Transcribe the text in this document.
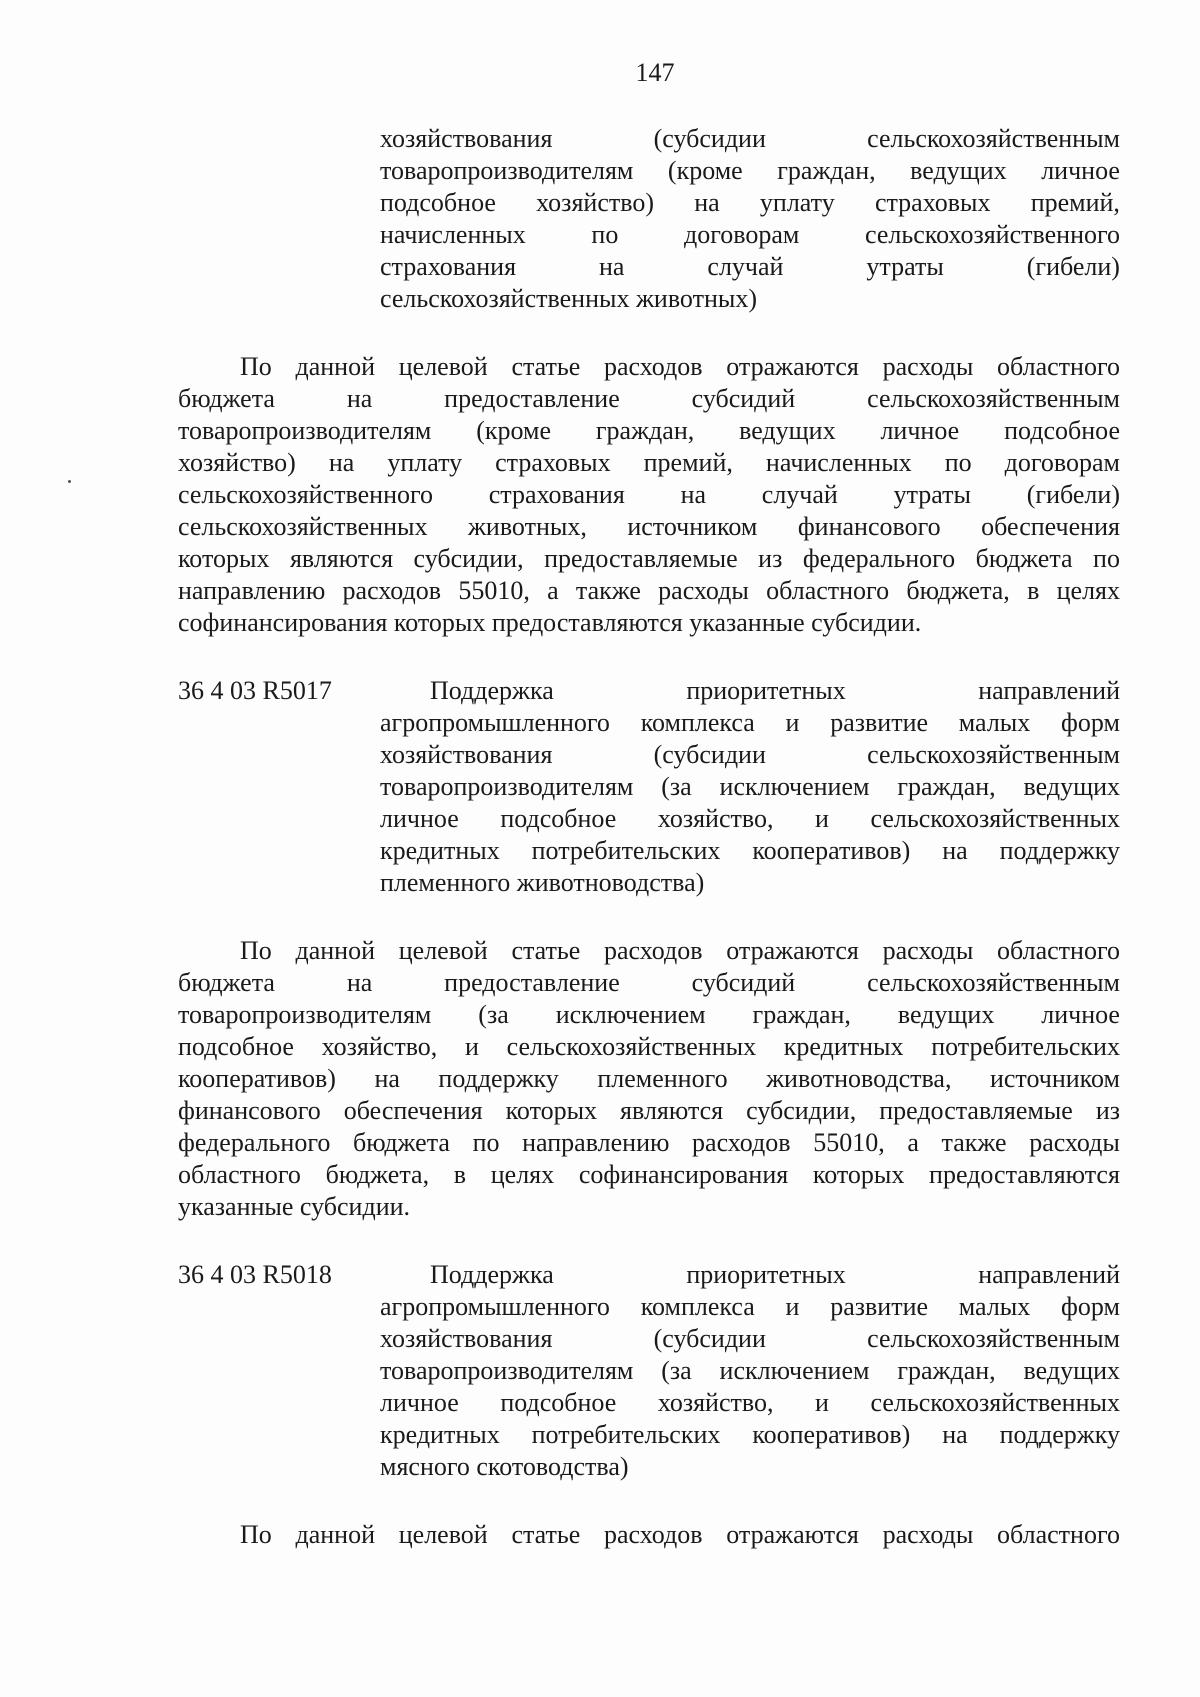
147
хозяйствования	(субсидии	сельскохозяйственным
товаропроизводителям (кроме граждан, ведущих личное
подсобное хозяйство) на уплату страховых премий,
начисленных	по	договорам	сельскохозяйственного
страхования	на	случай	утраты	(гибели)
сельскохозяйственных животных)
По данной целевой статье расходов отражаются расходы областного
бюджета	на	предоставление	субсидий	сельскохозяйственным
товаропроизводителям (кроме граждан, ведущих личное подсобное
хозяйство) на уплату страховых премий, начисленных по договорам
сельскохозяйственного страхования на случай утраты (гибели)
сельскохозяйственных животных, источником финансового обеспечения
которых являются субсидии, предоставляемые из федерального бюджета по
направлению расходов 55010, а также расходы областного бюджета, в целях
софинансирования которых предоставляются указанные субсидии.
36 4 03 R5017	Поддержка	приоритетных	направлений
агропромышленного комплекса и развитие малых форм
хозяйствования	(субсидии	сельскохозяйственным
товаропроизводителям (за исключением граждан, ведущих
личное подсобное хозяйство, и сельскохозяйственных
кредитных потребительских кооперативов) на поддержку
племенного животноводства)
По данной целевой статье расходов отражаются расходы областного
бюджета	на	предоставление	субсидий	сельскохозяйственным
товаропроизводителям (за исключением граждан, ведущих личное
подсобное хозяйство, и сельскохозяйственных кредитных потребительских
кооперативов) на поддержку племенного животноводства, источником
финансового обеспечения которых являются субсидии, предоставляемые из
федерального бюджета по направлению расходов 55010, а также расходы
областного бюджета, в целях софинансирования которых предоставляются
указанные субсидии.
36 4 03 R5018	Поддержка	приоритетных	направлений
агропромышленного комплекса и развитие малых форм
хозяйствования	(субсидии	сельскохозяйственным
товаропроизводителям (за исключением граждан, ведущих
личное подсобное хозяйство, и сельскохозяйственных
кредитных потребительских кооперативов) на поддержку
мясного скотоводства)
По данной целевой статье расходов отражаются расходы областного
